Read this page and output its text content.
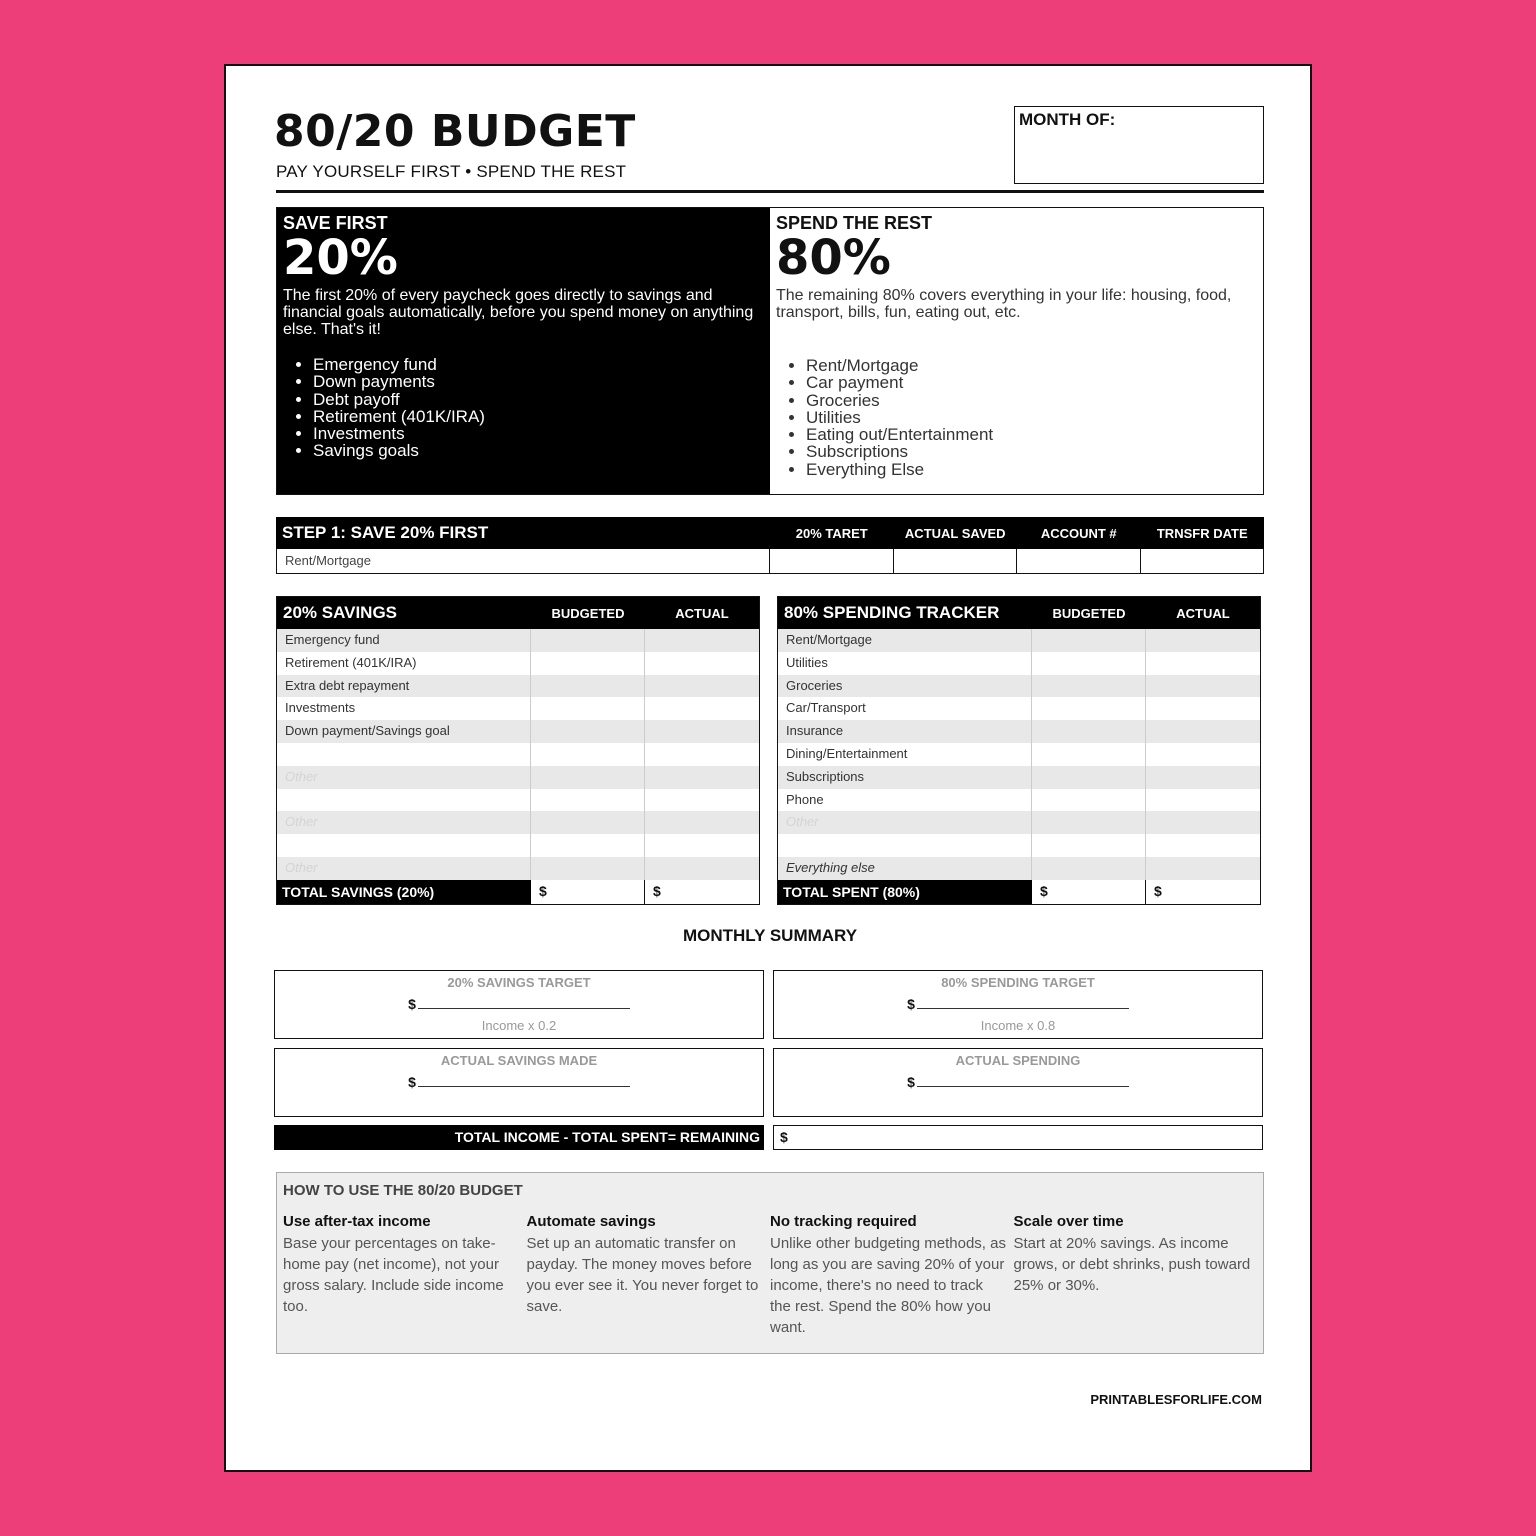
80/20 BUDGET
PAY YOURSELF FIRST • SPEND THE REST
MONTH OF:
SAVE FIRST
20%
The first 20% of every paycheck goes directly to savings and financial goals automatically, before you spend money on anything else. That's it!
• Emergency fund
• Down payments
• Debt payoff
• Retirement (401K/IRA)
• Investments
• Savings goals
SPEND THE REST
80%
The remaining 80% covers everything in your life: housing, food, transport, bills, fun, eating out, etc.
• Rent/Mortgage
• Car payment
• Groceries
• Utilities
• Eating out/Entertainment
• Subscriptions
• Everything Else
STEP 1: SAVE 20% FIRST	20% TARET	ACTUAL SAVED	ACCOUNT #	TRNSFR DATE
Rent/Mortgage
20% SAVINGS	BUDGETED	ACTUAL
Emergency fund
Retirement (401K/IRA)
Extra debt repayment
Investments
Down payment/Savings goal
Other
Other
Other
TOTAL SAVINGS (20%)	$	$
80% SPENDING TRACKER	BUDGETED	ACTUAL
Rent/Mortgage
Utilities
Groceries
Car/Transport
Insurance
Dining/Entertainment
Subscriptions
Phone
Other
Everything else
TOTAL SPENT (80%)	$	$
MONTHLY SUMMARY
20% SAVINGS TARGET
$
Income x 0.2
80% SPENDING TARGET
$
Income x 0.8
ACTUAL SAVINGS MADE
$
ACTUAL SPENDING
$
TOTAL INCOME - TOTAL SPENT= REMAINING	$
HOW TO USE THE 80/20 BUDGET
Use after-tax income
Base your percentages on take-home pay (net income), not your gross salary. Include side income too.
Automate savings
Set up an automatic transfer on payday. The money moves before you ever see it. You never forget to save.
No tracking required
Unlike other budgeting methods, as long as you are saving 20% of your income, there's no need to track the rest. Spend the 80% how you want.
Scale over time
Start at 20% savings. As income grows, or debt shrinks, push toward 25% or 30%.
PRINTABLESFORLIFE.COM
